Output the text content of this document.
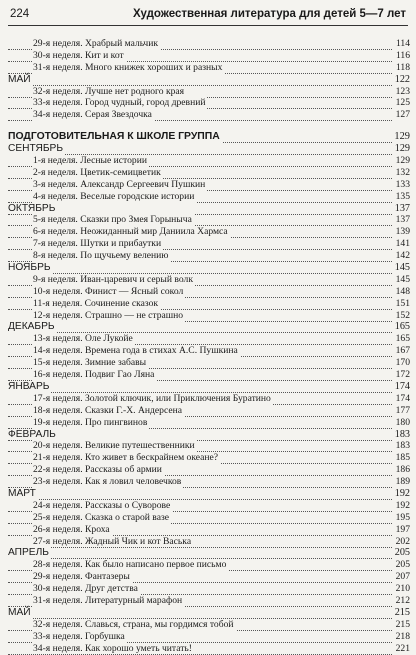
224	Художественная литература для детей 5—7 лет
29-я неделя. Храбрый мальчик	114
30-я неделя. Кит и кот	116
31-я неделя. Много книжек хороших и разных	118
МАЙ	122
32-я неделя. Лучше нет родного края	123
33-я неделя. Город чудный, город древний	125
34-я неделя. Серая Звездочка	127
ПОДГОТОВИТЕЛЬНАЯ К ШКОЛЕ ГРУППА	129
СЕНТЯБРЬ	129
1-я неделя. Лесные истории	129
2-я неделя. Цветик-семицветик	132
3-я неделя. Александр Сергеевич Пушкин	133
4-я неделя. Веселые городские истории	135
ОКТЯБРЬ	137
5-я неделя. Сказки про Змея Горыныча	137
6-я неделя. Неожиданный мир Даниила Хармса	139
7-я неделя. Шутки и прибаутки	141
8-я неделя. По щучьему велению	142
НОЯБРЬ	145
9-я неделя. Иван-царевич и серый волк	145
10-я неделя. Финист — Ясный сокол	148
11-я неделя. Сочинение сказок	151
12-я неделя. Страшно — не страшно	152
ДЕКАБРЬ	165
13-я неделя. Оле Лукойе	165
14-я неделя. Времена года в стихах А.С. Пушкина	167
15-я неделя. Зимние забавы	170
16-я неделя. Подвиг Гао Ляна	172
ЯНВАРЬ	174
17-я неделя. Золотой ключик, или Приключения Буратино	174
18-я неделя. Сказки Г.-Х. Андерсена	177
19-я неделя. Про пингвинов	180
ФЕВРАЛЬ	183
20-я неделя. Великие путешественники	183
21-я неделя. Кто живет в бескрайнем океане?	185
22-я неделя. Рассказы об армии	186
23-я неделя. Как я ловил человечков	189
МАРТ	192
24-я неделя. Рассказы о Суворове	192
25-я неделя. Сказка о старой вазе	195
26-я неделя. Кроха	197
27-я неделя. Жадный Чик и кот Васька	202
АПРЕЛЬ	205
28-я неделя. Как было написано первое письмо	205
29-я неделя. Фантазеры	207
30-я неделя. Друг детства	210
31-я неделя. Литературный марафон	212
МАЙ	215
32-я неделя. Славься, страна, мы гордимся тобой	215
33-я неделя. Горбушка	218
34-я неделя. Как хорошо уметь читать!	221
